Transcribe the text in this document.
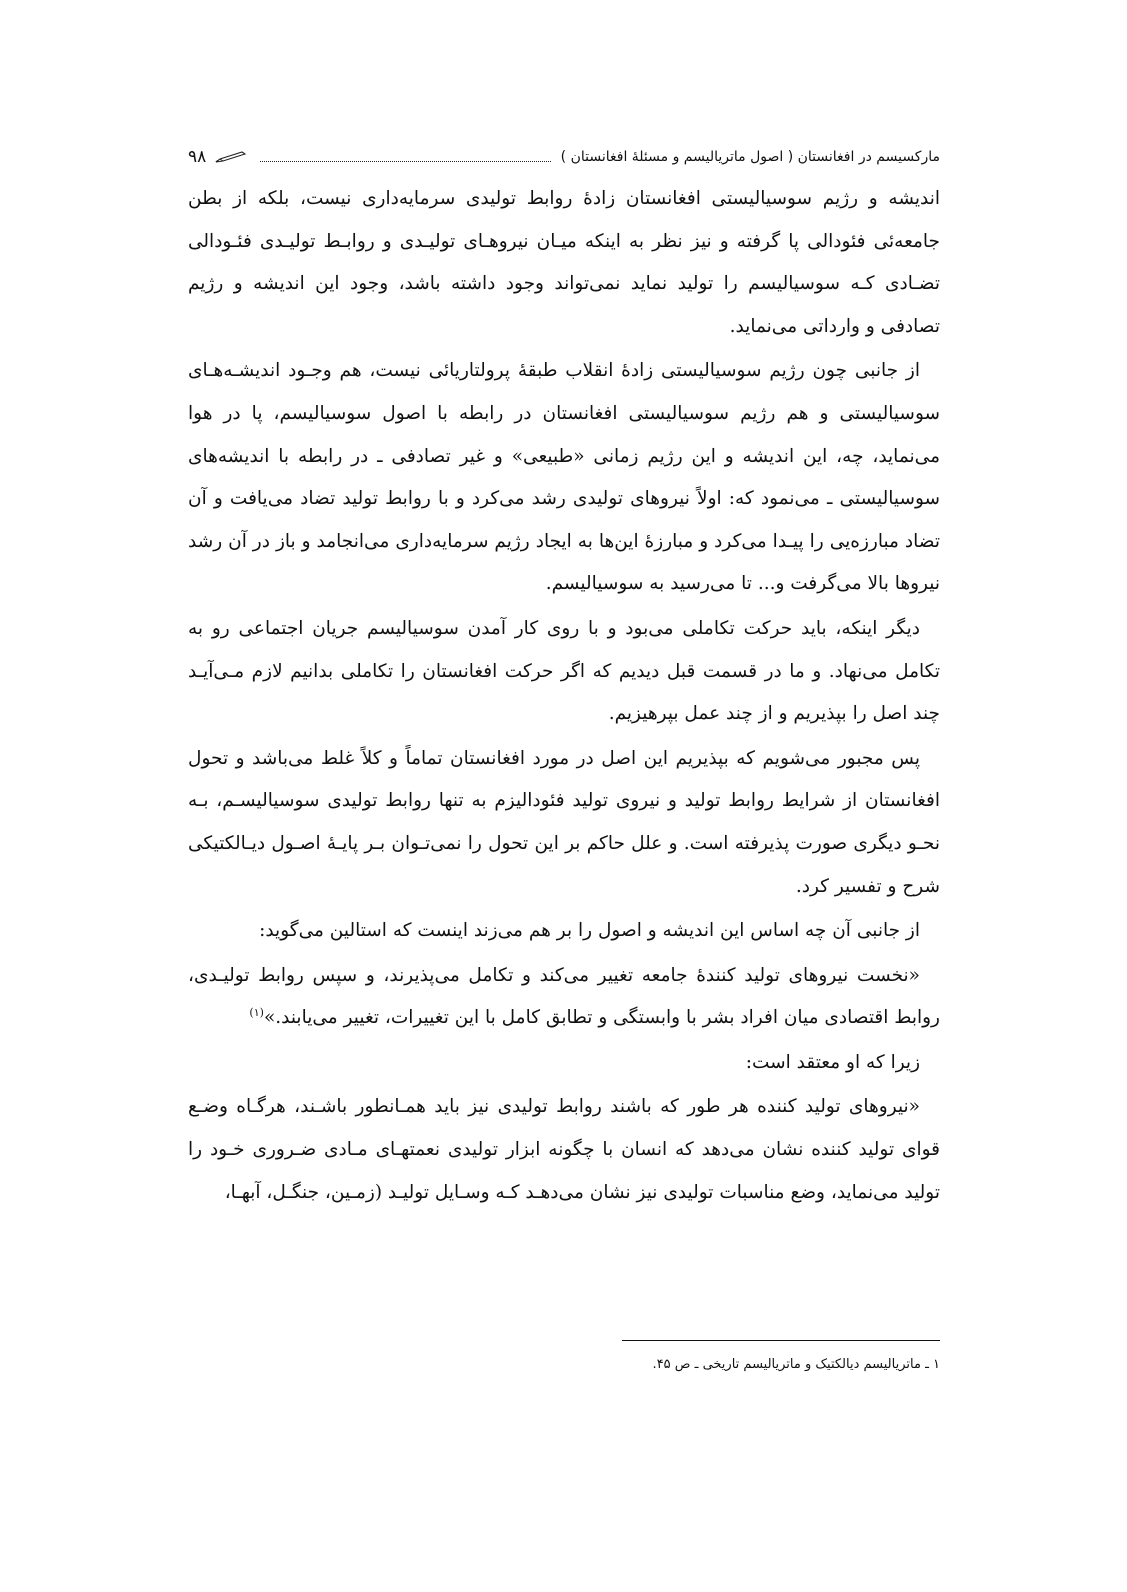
مارکسیسم در افغانستان ( اصول ماتریالیسم و مسئلهٔ افغانستان )
۹۸

اندیشه و رژیم سوسیالیستی افغانستان زادهٔ روابط تولیدی سرمایه‌داری نیست، بلکه از بطن جامعه‌ئی فئودالی پا گرفته و نیز نظر به اینکه میـان نیروهـای تولیـدی و روابـط تولیـدی فئـودالی تضـادی کـه سوسیالیسم را تولید نماید نمی‌تواند وجود داشته باشد، وجود این اندیشه و رژیم تصادفی و وارداتی می‌نماید.

از جانبی چون رژیم سوسیالیستی زادهٔ انقلاب طبقهٔ پرولتاریائی نیست، هم وجـود اندیشـه‌هـای سوسیالیستی و هم رژیم سوسیالیستی افغانستان در رابطه با اصول سوسیالیسم، پا در هوا می‌نماید، چه، این اندیشه و این رژیم زمانی «طبیعی» و غیر تصادفی ـ در رابطه با اندیشه‌های سوسیالیستی ـ می‌نمود که: اولاً نیروهای تولیدی رشد می‌کرد و با روابط تولید تضاد می‌یافت و آن تضاد مبارزه‌یی را پیـدا می‌کرد و مبارزهٔ این‌ها به ایجاد رژیم سرمایه‌داری می‌انجامد و باز در آن رشد نیروها بالا می‌گرفت و... تا می‌رسید به سوسیالیسم.

دیگر اینکه، باید حرکت تکاملی می‌بود و با روی کار آمدن سوسیالیسم جریان اجتماعی رو به تکامل می‌نهاد. و ما در قسمت قبل دیدیم که اگر حرکت افغانستان را تکاملی بدانیم لازم مـی‌آیـد چند اصل را بپذیریم و از چند عمل بپرهیزیم.

پس مجبور می‌شویم که بپذیریم این اصل در مورد افغانستان تماماً و کلاً غلط می‌باشد و تحول افغانستان از شرایط روابط تولید و نیروی تولید فئودالیزم به تنها روابط تولیدی سوسیالیسـم، بـه نحـو دیگری صورت پذیرفته است. و علل حاکم بر این تحول را نمی‌تـوان بـر پایـهٔ اصـول دیـالکتیکی شرح و تفسیر کرد.

از جانبی آن چه اساس این اندیشه و اصول را بر هم می‌زند اینست که استالین می‌گوید:

«نخست نیروهای تولید کنندهٔ جامعه تغییر می‌کند و تکامل می‌پذیرند، و سپس روابط تولیـدی، روابط اقتصادی میان افراد بشر با وابستگی و تطابق کامل با این تغییرات، تغییر می‌یابند.»$^{(۱)}$

زیرا که او معتقد است:

«نیروهای تولید کننده هر طور که باشند روابط تولیدی نیز باید همـانطور باشـند، هرگـاه وضـع قوای تولید کننده نشان می‌دهد که انسان با چگونه ابزار تولیدی نعمتهـای مـادی ضـروری خـود را تولید می‌نماید، وضع مناسبات تولیدی نیز نشان می‌دهـد کـه وسـایل تولیـد (زمـین، جنگـل، آبهـا،

۱ ـ ماتریالیسم دیالکتیک و ماتریالیسم تاریخی ـ ص ۴۵.
